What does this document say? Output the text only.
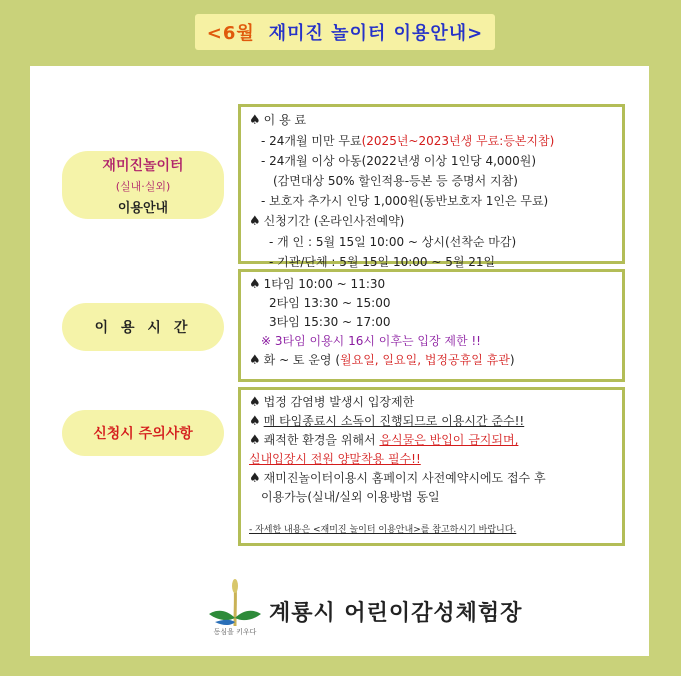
<6월 재미진 놀이터 이용안내>
재미진놀이터
(실내·실외)
이용안내
이 용 시 간
신청시 주의사항
♠ 이 용 료
- 24개월 미만 무료(2025년~2023년생 무료:등본지참)
- 24개월 이상 아동(2022년생 이상 1인당 4,000원)
(감면대상 50% 할인적용-등본 등 증명서 지참)
- 보호자 추가시 인당 1,000원(동반보호자 1인은 무료)
♠ 신청기간 (온라인사전예약)
- 개 인 : 5월 15일 10:00 ~ 상시(선착순 마감)
- 기관/단체 : 5월 15일 10:00 ~ 5월 21일
♠ 1타임 10:00 ~ 11:30
2타임 13:30 ~ 15:00
3타임 15:30 ~ 17:00
※ 3타임 이용시 16시 이후는 입장 제한 !!
♠ 화 ~ 토 운영 (월요일, 일요일, 법정공휴일 휴관)
♠ 법정 감염병 발생시 입장제한
♠ 매 타임종료시 소독이 진행되므로 이용시간 준수!!
♠ 쾌적한 환경을 위해서 음식물은 반입이 금지되며,
실내입장시 전원 양말착용 필수!!
♠ 재미진놀이터이용시 홈페이지 사전예약시에도 접수 후
이용가능(실내/실외 이용방법 동일
- 자세한 내용은 <재미진 놀이터 이용안내>를 참고하시기 바랍니다.
동심을 키우다
계룡시 어린이감성체험장
